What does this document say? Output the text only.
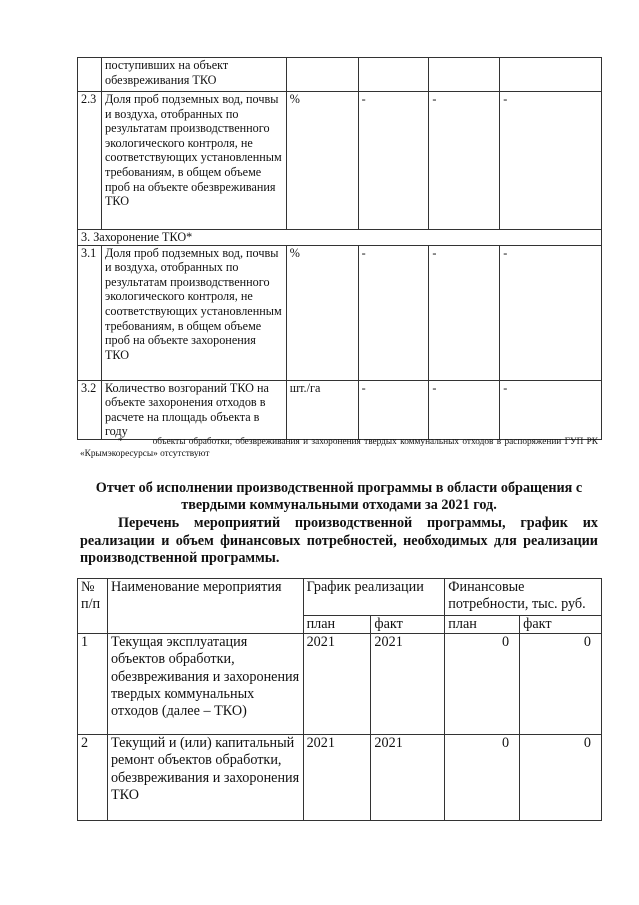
	поступивших на объект обезвреживания ТКО				
2.3	Доля проб подземных вод, почвы и воздуха, отобранных по результатам производственного экологического контроля, не соответствующих установленным требованиям, в общем объеме проб на объекте обезвреживания ТКО	%	-	-	-
3. Захоронение ТКО*					
3.1	Доля проб подземных вод, почвы и воздуха, отобранных по результатам производственного экологического контроля, не соответствующих установленным требованиям, в общем объеме проб на объекте захоронения ТКО	%	-	-	-
3.2	Количество возгораний ТКО на объекте захоронения отходов в расчете на площадь объекта в году	шт./га	-	-	-
*	объекты обработки, обезвреживания и захоронения твердых коммунальных отходов в распоряжении ГУП РК «Крымэкоресурсы» отсутствуют

Отчет об исполнении производственной программы в области обращения с твердыми коммунальными отходами за 2021 год.

Перечень мероприятий производственной программы, график их реализации и объем финансовых потребностей, необходимых для реализации производственной программы.

№ п/п	Наименование мероприятия	График реализации		Финансовые потребности, тыс. руб.	
		план	факт	план	факт
1	Текущая эксплуатация объектов обработки, обезвреживания и захоронения твердых коммунальных отходов (далее – ТКО)	2021	2021	0	0
2	Текущий и (или) капитальный ремонт объектов обработки, обезвреживания и захоронения ТКО	2021	2021	0	0
